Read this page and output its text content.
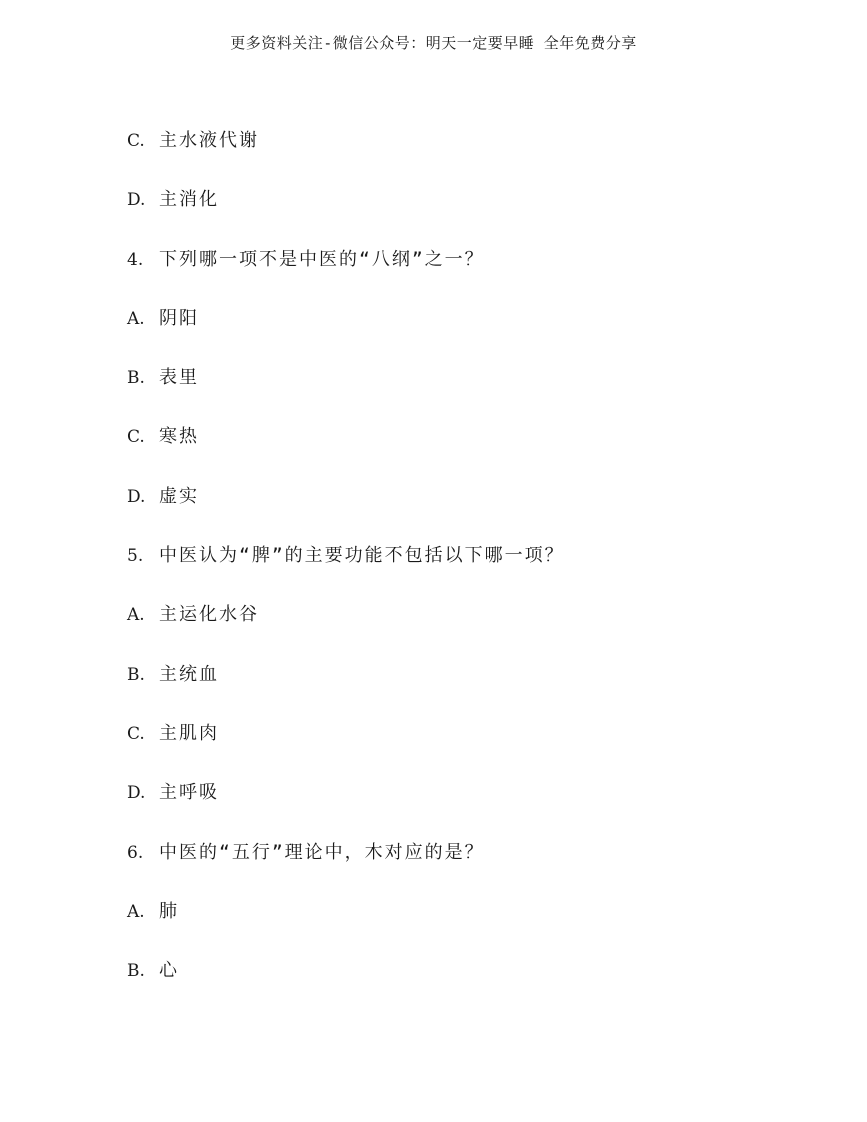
更多资料关注-微信公众号：明天一定要早睡 全年免费分享
C. 主水液代谢
D. 主消化
4. 下列哪一项不是中医的“八纲”之一？
A. 阴阳
B. 表里
C. 寒热
D. 虚实
5. 中医认为“脾”的主要功能不包括以下哪一项？
A. 主运化水谷
B. 主统血
C. 主肌肉
D. 主呼吸
6. 中医的“五行”理论中，木对应的是？
A. 肺
B. 心
